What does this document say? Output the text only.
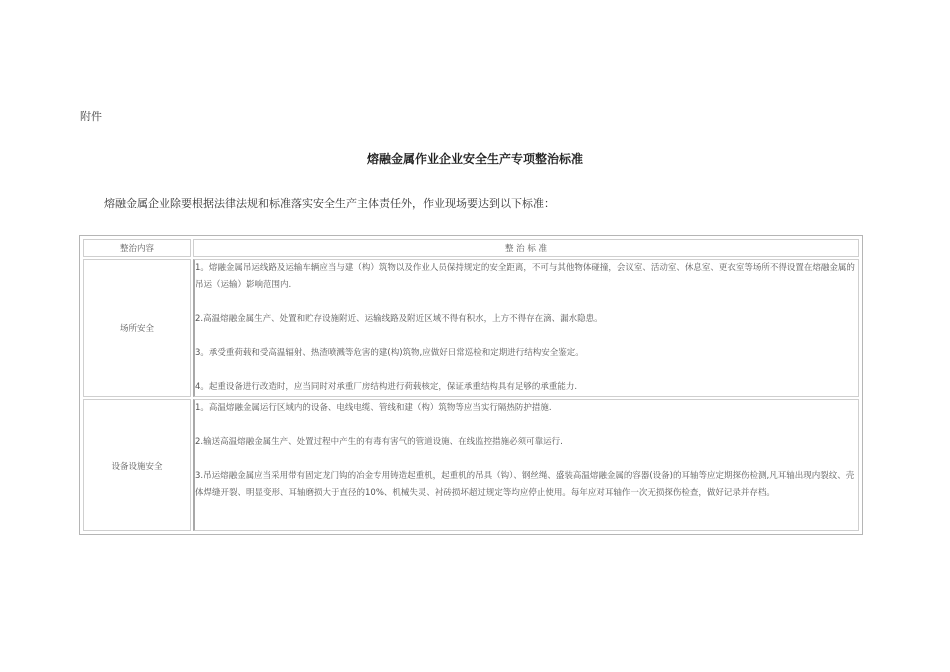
附件
熔融金属作业企业安全生产专项整治标准
熔融金属企业除要根据法律法规和标准落实安全生产主体责任外，作业现场要达到以下标准：
整治内容	整 治 标 准
场所安全	1。熔融金属吊运线路及运输车辆应当与建（构）筑物以及作业人员保持规定的安全距离，不可与其他物体碰撞，会议室、活动室、休息室、更衣室等场所不得设置在熔融金属的吊运（运输）影响范围内.

2.高温熔融金属生产、处置和贮存设施附近、运输线路及附近区域不得有积水，上方不得存在滴、漏水隐患。

3。承受重荷载和受高温辐射、热渣喷溅等危害的建(构)筑物,应做好日常巡检和定期进行结构安全鉴定。

4。起重设备进行改造时，应当同时对承重厂房结构进行荷载核定，保证承重结构具有足够的承重能力.

设备设施安全	1。高温熔融金属运行区域内的设备、电线电缆、管线和建（构）筑物等应当实行隔热防护措施.

2.输送高温熔融金属生产、处置过程中产生的有毒有害气的管道设施、在线监控措施必须可靠运行.

3.吊运熔融金属应当采用带有固定龙门钩的冶金专用铸造起重机，起重机的吊具（钩）、钢丝绳、盛装高温熔融金属的容器(设备)的耳轴等应定期探伤检测,凡耳轴出现内裂纹、壳体焊缝开裂、明显变形、耳轴磨损大于直径的10%、机械失灵、衬砖损坏超过规定等均应停止使用。每年应对耳轴作一次无损探伤检查，做好记录并存档。
